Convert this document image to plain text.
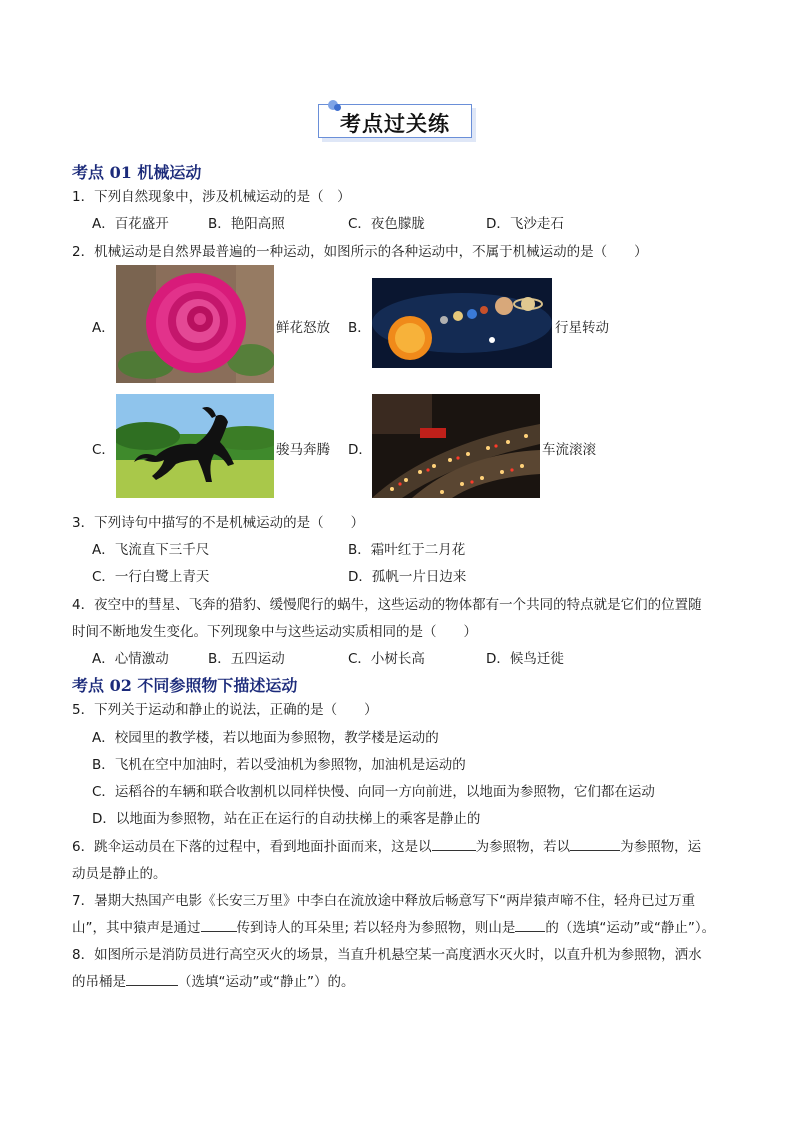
考点过关练
考点 01 机械运动
1．下列自然现象中，涉及机械运动的是（　）
A．百花盛开	B．艳阳高照	C．夜色朦胧	D．飞沙走石
2．机械运动是自然界最普遍的一种运动，如图所示的各种运动中，不属于机械运动的是（　　）
A．	鲜花怒放 B．	行星转动
C．	骏马奔腾 D．	车流滚滚
3．下列诗句中描写的不是机械运动的是（　　）
A．飞流直下三千尺	B．霜叶红于二月花
C．一行白鹭上青天	D．孤帆一片日边来
4．夜空中的彗星、飞奔的猎豹、缓慢爬行的蜗牛，这些运动的物体都有一个共同的特点就是它们的位置随
时间不断地发生变化。下列现象中与这些运动实质相同的是（　　）
A．心情激动	B．五四运动	C．小树长高	D．候鸟迁徙
考点 02 不同参照物下描述运动
5．下列关于运动和静止的说法，正确的是（　　）
A．校园里的教学楼，若以地面为参照物，教学楼是运动的
B．飞机在空中加油时，若以受油机为参照物，加油机是运动的
C．运稻谷的车辆和联合收割机以同样快慢、向同一方向前进，以地面为参照物，它们都在运动
D．以地面为参照物，站在正在运行的自动扶梯上的乘客是静止的
6．跳伞运动员在下落的过程中，看到地面扑面而来，这是以	为参照物，若以	为参照物，运
动员是静止的。
7．暑期大热国产电影《长安三万里》中李白在流放途中释放后畅意写下“两岸猿声啼不住，轻舟已过万重
山”，其中猿声是通过	传到诗人的耳朵里; 若以轻舟为参照物，则山是 的（选填“运动”或“静止”）。
8．如图所示是消防员进行高空灭火的场景，当直升机悬空某一高度洒水灭火时，以直升机为参照物，洒水
的吊桶是	（选填“运动”或“静止”）的。
